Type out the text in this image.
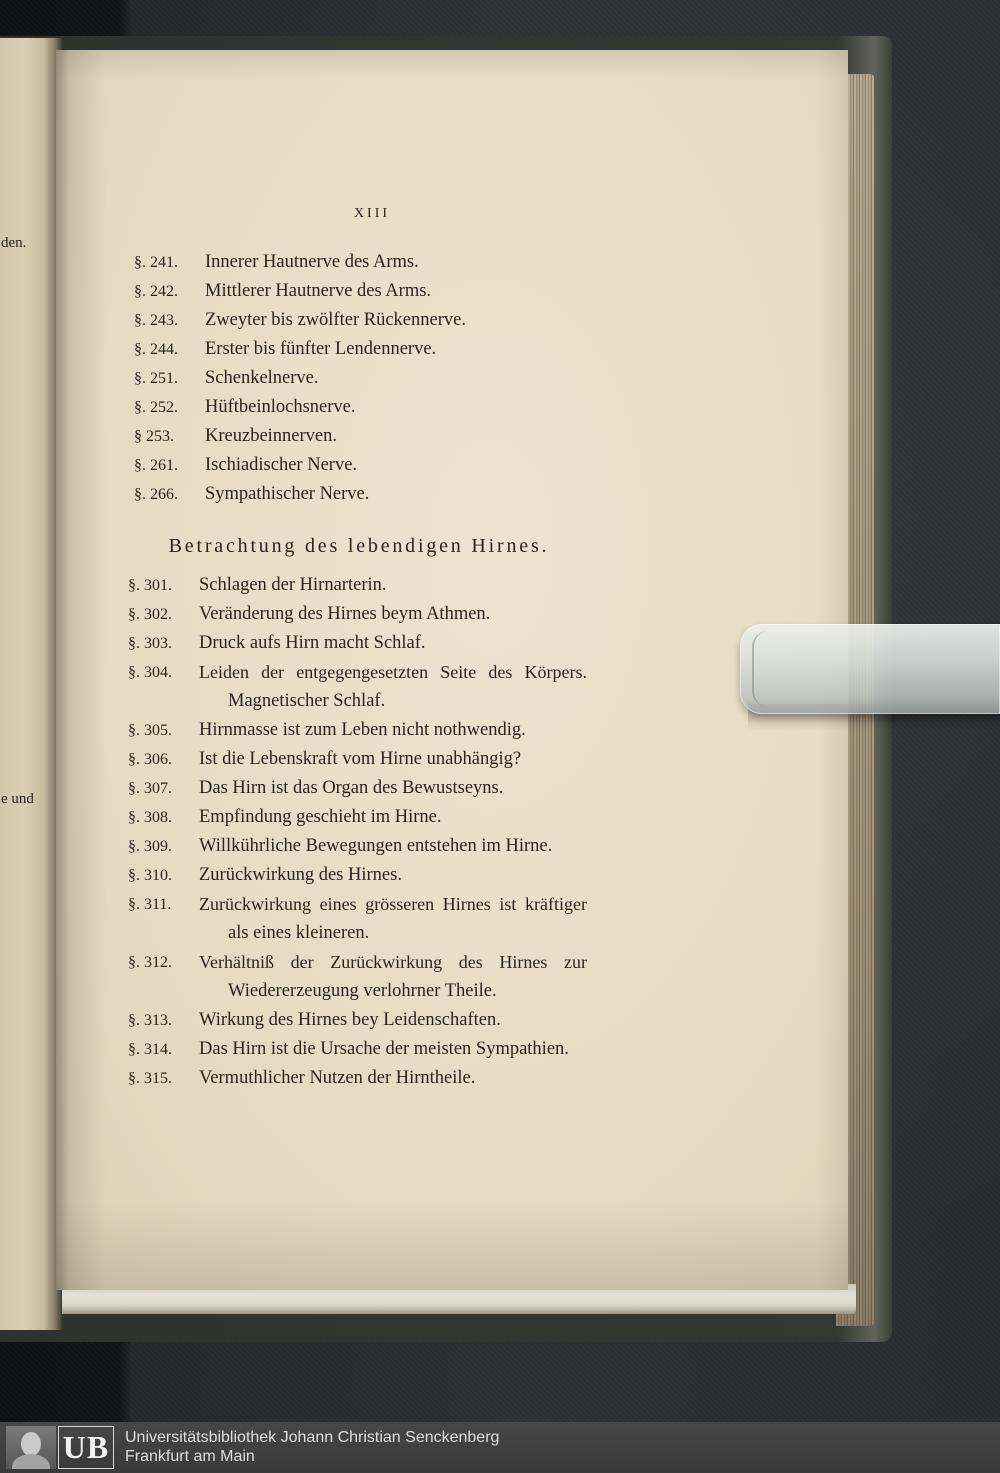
den.
e und
XIII
§. 241. Innerer Hautnerve des Arms.
§. 242. Mittlerer Hautnerve des Arms.
§. 243. Zweyter bis zwölfter Rückennerve.
§. 244. Erster bis fünfter Lendennerve.
§. 251. Schenkelnerve.
§. 252. Hüftbeinlochsnerve.
§ 253. Kreuzbeinnerven.
§. 261. Ischiadischer Nerve.
§. 266. Sympathischer Nerve.
Betrachtung des lebendigen Hirnes.
§. 301. Schlagen der Hirnarterin.
§. 302. Veränderung des Hirnes beym Athmen.
§. 303. Druck aufs Hirn macht Schlaf.
§. 304. Leiden der entgegengesetzten Seite des Körpers.
Magnetischer Schlaf.
§. 305. Hirnmasse ist zum Leben nicht nothwendig.
§. 306. Ist die Lebenskraft vom Hirne unabhängig?
§. 307. Das Hirn ist das Organ des Bewustseyns.
§. 308. Empfindung geschieht im Hirne.
§. 309. Willkührliche Bewegungen entstehen im Hirne.
§. 310. Zurückwirkung des Hirnes.
§. 311. Zurückwirkung eines grösseren Hirnes ist kräftiger
als eines kleineren.
§. 312. Verhältniß der Zurückwirkung des Hirnes zur
Wiedererzeugung verlohrner Theile.
§. 313. Wirkung des Hirnes bey Leidenschaften.
§. 314. Das Hirn ist die Ursache der meisten Sympathien.
§. 315. Vermuthlicher Nutzen der Hirntheile.
UB Universitätsbibliothek Johann Christian Senckenberg
Frankfurt am Main
